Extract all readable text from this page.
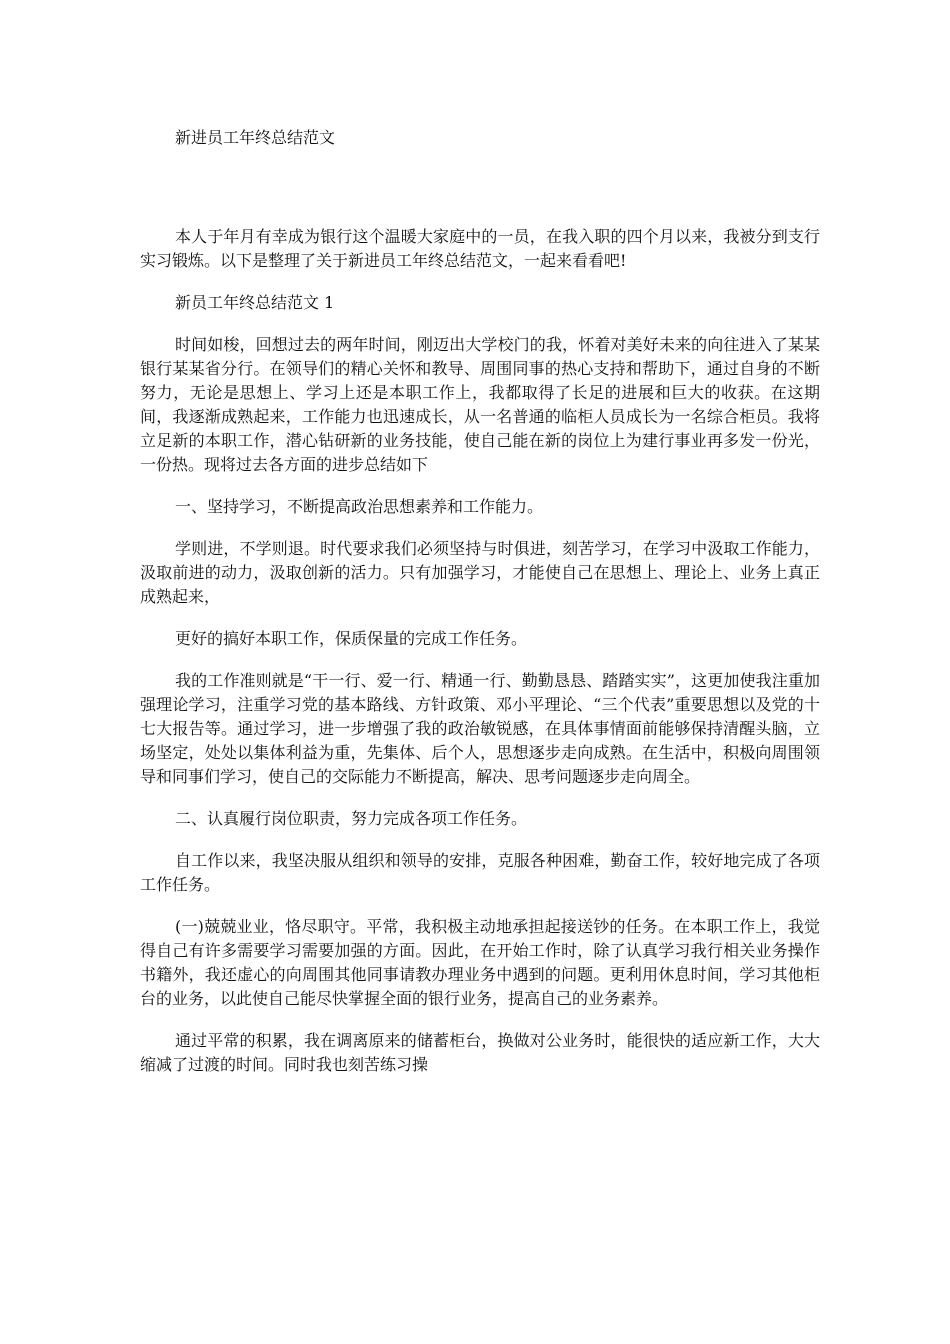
新进员工年终总结范文

本人于年月有幸成为银行这个温暖大家庭中的一员，在我入职的四个月以来，我被分到支行实习锻炼。以下是整理了关于新进员工年终总结范文，一起来看看吧!

新员工年终总结范文 1

时间如梭，回想过去的两年时间，刚迈出大学校门的我，怀着对美好未来的向往进入了某某银行某某省分行。在领导们的精心关怀和教导、周围同事的热心支持和帮助下，通过自身的不断努力，无论是思想上、学习上还是本职工作上，我都取得了长足的进展和巨大的收获。在这期间，我逐渐成熟起来，工作能力也迅速成长，从一名普通的临柜人员成长为一名综合柜员。我将立足新的本职工作，潜心钻研新的业务技能，使自己能在新的岗位上为建行事业再多发一份光，一份热。现将过去各方面的进步总结如下

一、坚持学习，不断提高政治思想素养和工作能力。

学则进，不学则退。时代要求我们必须坚持与时俱进，刻苦学习，在学习中汲取工作能力，汲取前进的动力，汲取创新的活力。只有加强学习，才能使自己在思想上、理论上、业务上真正成熟起来，

更好的搞好本职工作，保质保量的完成工作任务。

我的工作准则就是“干一行、爱一行、精通一行、勤勤恳恳、踏踏实实”，这更加使我注重加强理论学习，注重学习党的基本路线、方针政策、邓小平理论、“三个代表”重要思想以及党的十七大报告等。通过学习，进一步增强了我的政治敏锐感，在具体事情面前能够保持清醒头脑，立场坚定，处处以集体利益为重，先集体、后个人，思想逐步走向成熟。在生活中，积极向周围领导和同事们学习，使自己的交际能力不断提高，解决、思考问题逐步走向周全。

二、认真履行岗位职责，努力完成各项工作任务。

自工作以来，我坚决服从组织和领导的安排，克服各种困难，勤奋工作，较好地完成了各项工作任务。

(一)兢兢业业，恪尽职守。平常，我积极主动地承担起接送钞的任务。在本职工作上，我觉得自己有许多需要学习需要加强的方面。因此，在开始工作时，除了认真学习我行相关业务操作书籍外，我还虚心的向周围其他同事请教办理业务中遇到的问题。更利用休息时间，学习其他柜台的业务，以此使自己能尽快掌握全面的银行业务，提高自己的业务素养。

通过平常的积累，我在调离原来的储蓄柜台，换做对公业务时，能很快的适应新工作，大大缩减了过渡的时间。同时我也刻苦练习操
